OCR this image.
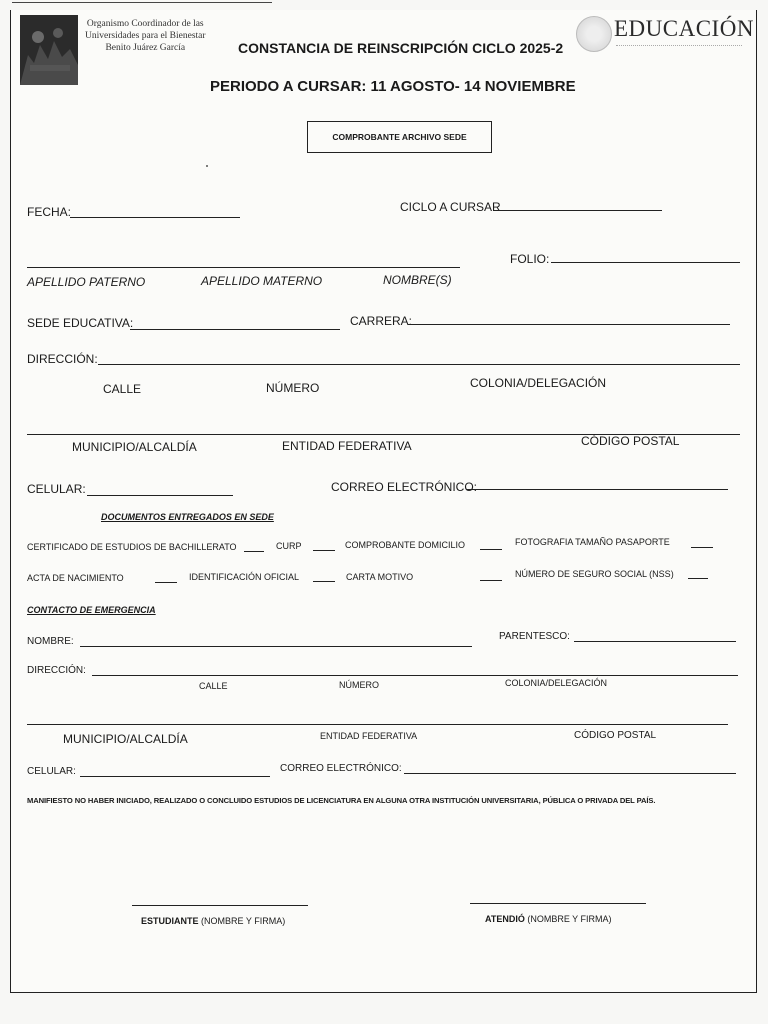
Organismo Coordinador de las
Universidades para el Bienestar
Benito Juárez García	CONSTANCIA DE REINSCRIPCIÓN CICLO 2025-2
PERIODO A CURSAR: 11 AGOSTO- 14 NOVIEMBRE
EDUCACIÓN
COMPROBANTE ARCHIVO SEDE
FECHA:	CICLO A CURSAR
FOLIO:
APELLIDO PATERNO	APELLIDO MATERNO	NOMBRE(S)
SEDE EDUCATIVA:	CARRERA:
DIRECCIÓN:
CALLE	NÚMERO	COLONIA/DELEGACIÓN
MUNICIPIO/ALCALDÍA	ENTIDAD FEDERATIVA	CÓDIGO POSTAL
CELULAR:	CORREO ELECTRÓNICO:
DOCUMENTOS ENTREGADOS EN SEDE
CERTIFICADO DE ESTUDIOS DE BACHILLERATO	CURP	COMPROBANTE DOMICILIO	FOTOGRAFIA TAMAÑO PASAPORTE
ACTA DE NACIMIENTO	IDENTIFICACIÓN OFICIAL	CARTA MOTIVO	NÚMERO DE SEGURO SOCIAL (NSS)
CONTACTO DE EMERGENCIA
NOMBRE:	PARENTESCO:
DIRECCIÓN:
CALLE	NÚMERO	COLONIA/DELEGACIÓN
MUNICIPIO/ALCALDÍA	ENTIDAD FEDERATIVA	CÓDIGO POSTAL
CELULAR:	CORREO ELECTRÓNICO:
MANIFIESTO NO HABER INICIADO, REALIZADO O CONCLUIDO ESTUDIOS DE LICENCIATURA EN ALGUNA OTRA INSTITUCIÓN UNIVERSITARIA, PÚBLICA O PRIVADA DEL PAÍS.
ESTUDIANTE (NOMBRE Y FIRMA)	ATENDIÓ (NOMBRE Y FIRMA)
